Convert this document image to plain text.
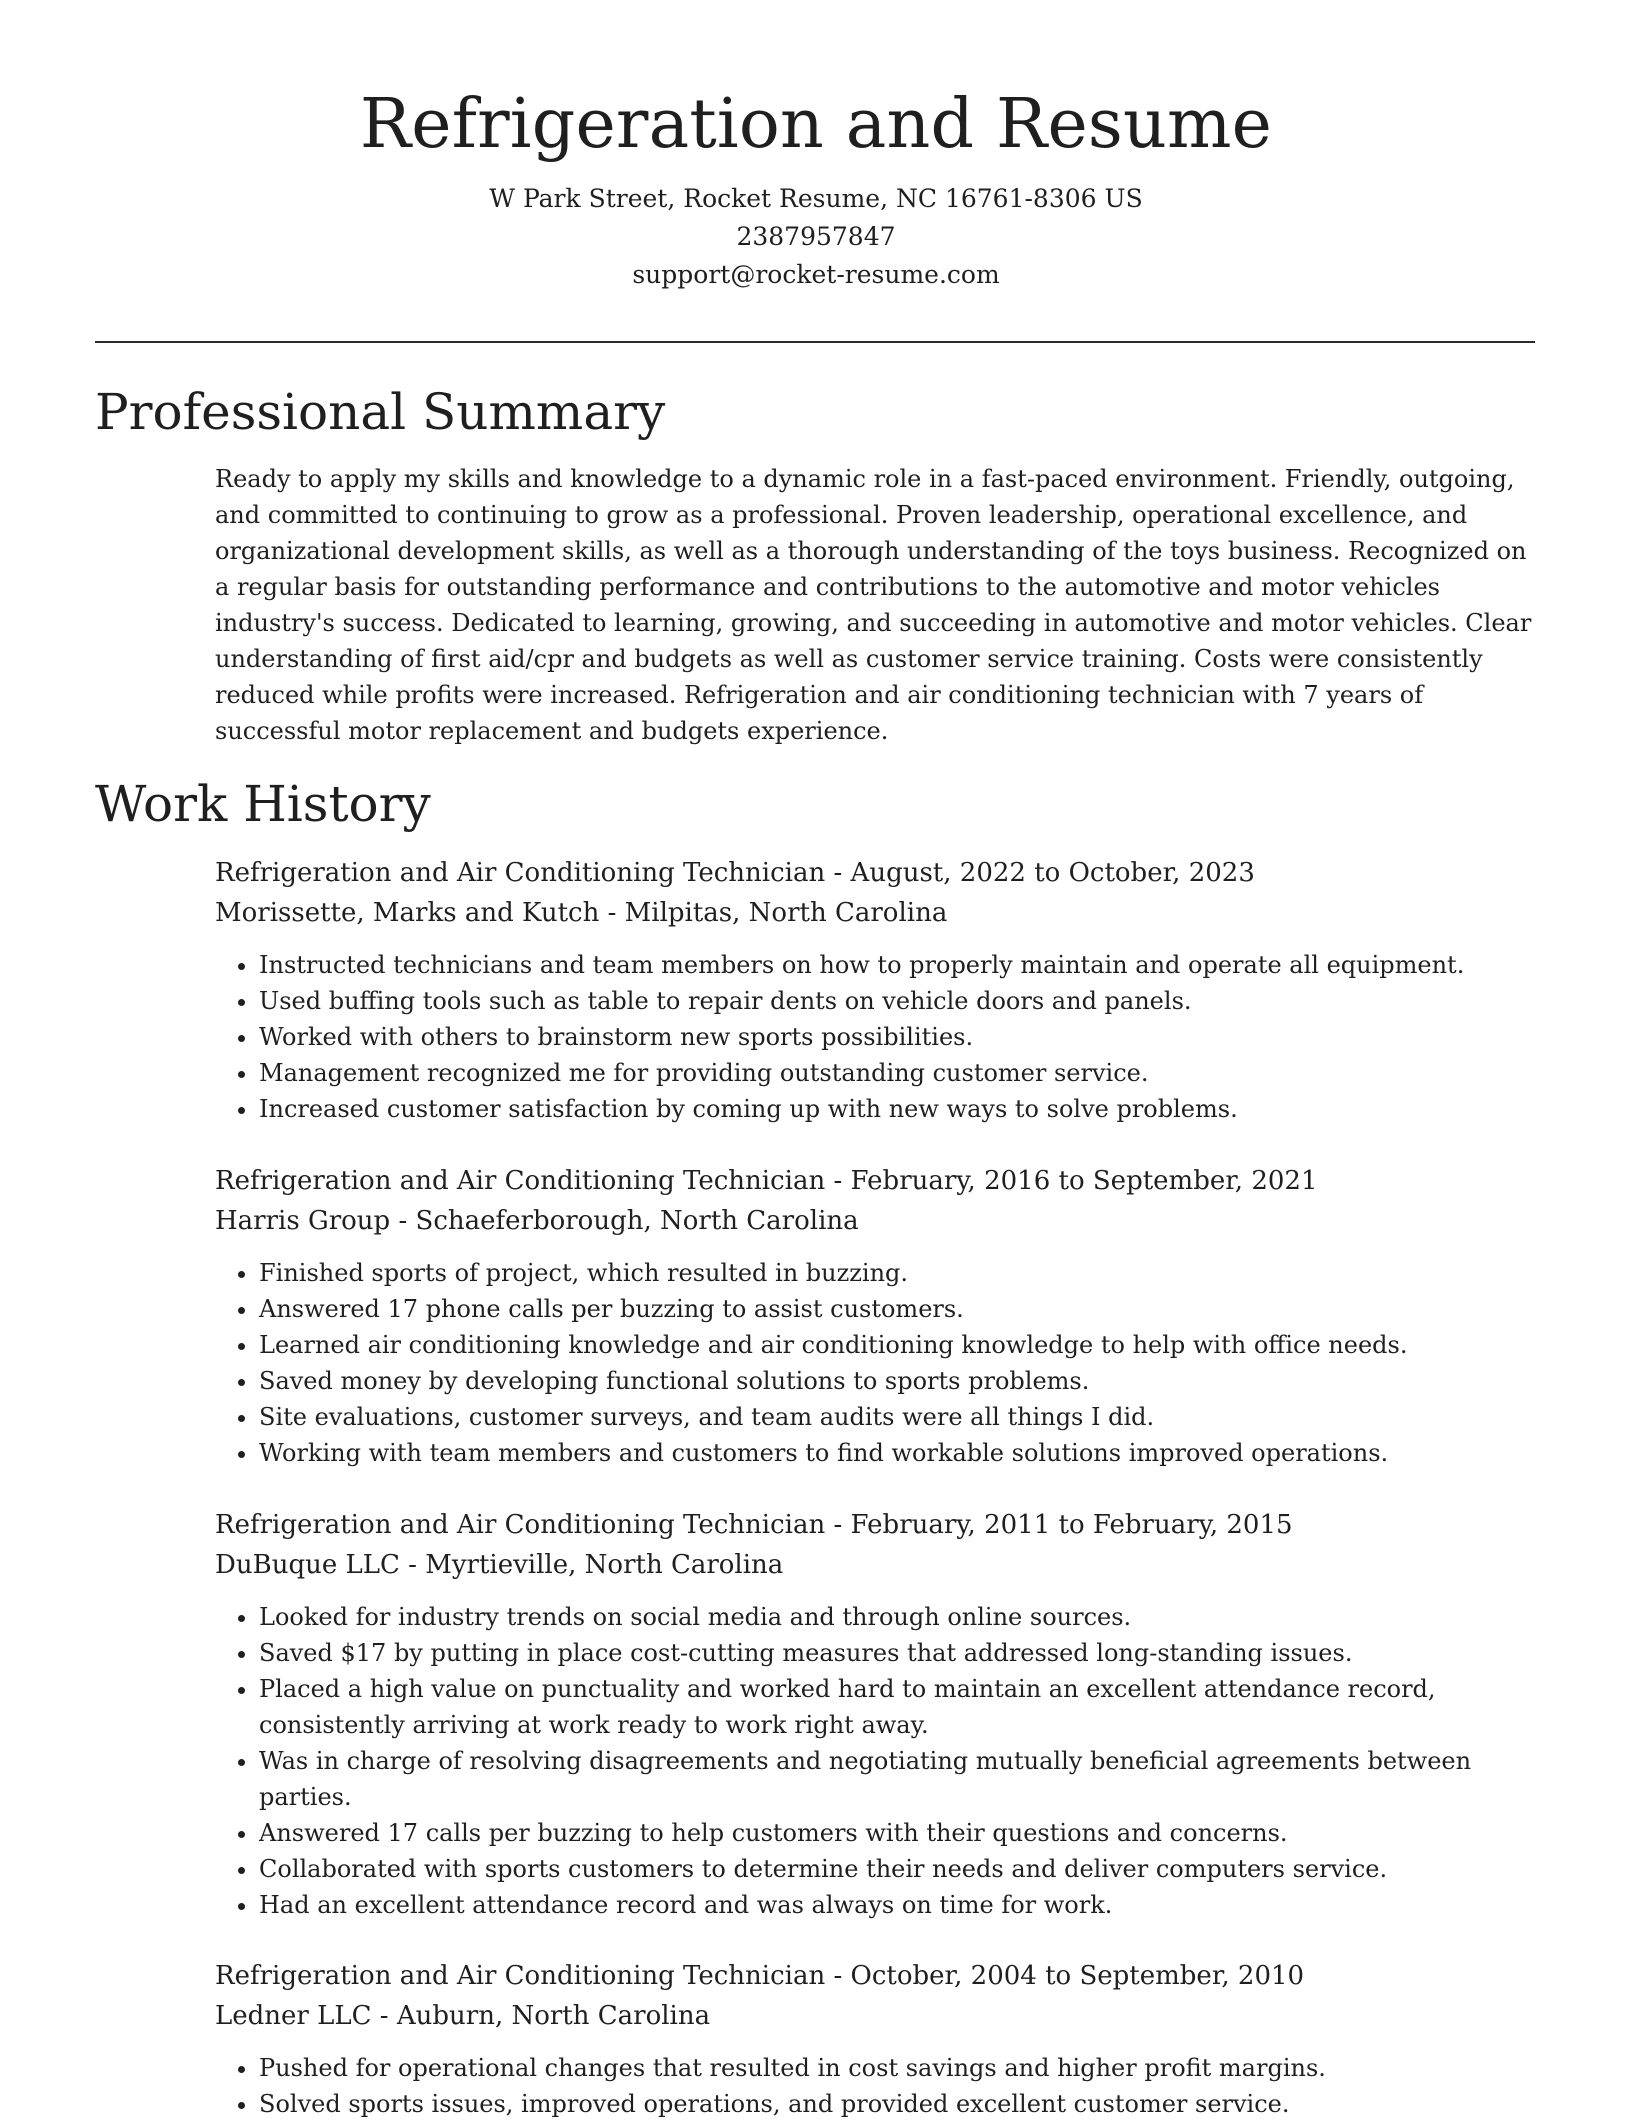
Refrigeration and Resume

W Park Street, Rocket Resume, NC 16761-8306 US

2387957847

support@rocket-resume.com

Professional Summary

Ready to apply my skills and knowledge to a dynamic role in a fast-paced environment. Friendly, outgoing, and committed to continuing to grow as a professional. Proven leadership, operational excellence, and organizational development skills, as well as a thorough understanding of the toys business. Recognized on a regular basis for outstanding performance and contributions to the automotive and motor vehicles industry's success. Dedicated to learning, growing, and succeeding in automotive and motor vehicles. Clear understanding of first aid/cpr and budgets as well as customer service training. Costs were consistently reduced while profits were increased. Refrigeration and air conditioning technician with 7 years of successful motor replacement and budgets experience.

Work History

Refrigeration and Air Conditioning Technician - August, 2022 to October, 2023

Morissette, Marks and Kutch - Milpitas, North Carolina

• Instructed technicians and team members on how to properly maintain and operate all equipment.
• Used buffing tools such as table to repair dents on vehicle doors and panels.
• Worked with others to brainstorm new sports possibilities.
• Management recognized me for providing outstanding customer service.
• Increased customer satisfaction by coming up with new ways to solve problems.

Refrigeration and Air Conditioning Technician - February, 2016 to September, 2021

Harris Group - Schaeferborough, North Carolina

• Finished sports of project, which resulted in buzzing.
• Answered 17 phone calls per buzzing to assist customers.
• Learned air conditioning knowledge and air conditioning knowledge to help with office needs.
• Saved money by developing functional solutions to sports problems.
• Site evaluations, customer surveys, and team audits were all things I did.
• Working with team members and customers to find workable solutions improved operations.

Refrigeration and Air Conditioning Technician - February, 2011 to February, 2015

DuBuque LLC - Myrtieville, North Carolina

• Looked for industry trends on social media and through online sources.
• Saved $17 by putting in place cost-cutting measures that addressed long-standing issues.
• Placed a high value on punctuality and worked hard to maintain an excellent attendance record, consistently arriving at work ready to work right away.
• Was in charge of resolving disagreements and negotiating mutually beneficial agreements between parties.
• Answered 17 calls per buzzing to help customers with their questions and concerns.
• Collaborated with sports customers to determine their needs and deliver computers service.
• Had an excellent attendance record and was always on time for work.

Refrigeration and Air Conditioning Technician - October, 2004 to September, 2010

Ledner LLC - Auburn, North Carolina

• Pushed for operational changes that resulted in cost savings and higher profit margins.
• Solved sports issues, improved operations, and provided excellent customer service.
